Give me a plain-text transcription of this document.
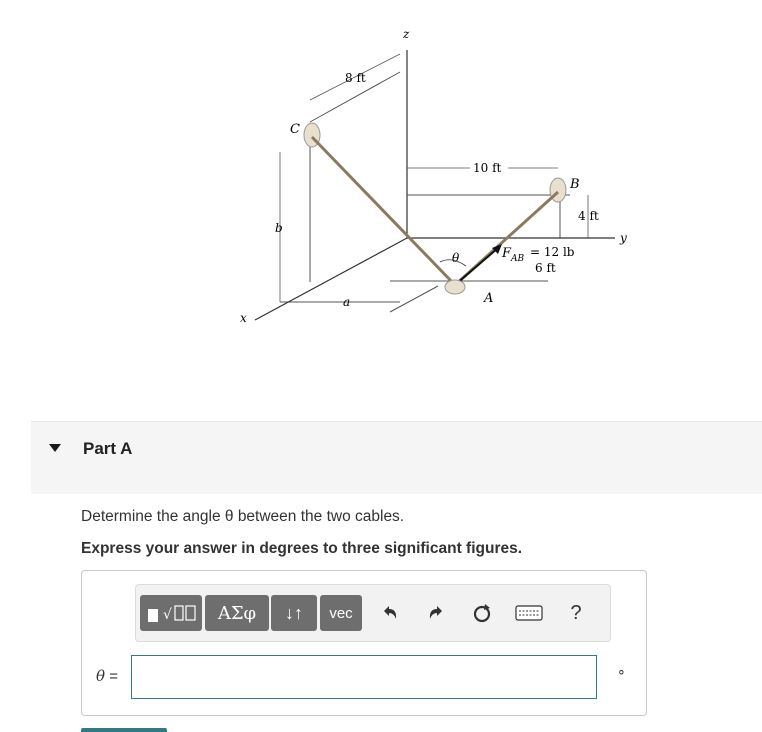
z
8 ft
b
C
10 ft
B
4 ft
y
x
a
θ
A
F AB = 12 lb
6 ft
Part A
Determine the angle θ between the two cables.
Express your answer in degrees to three significant figures.
√	ΑΣφ	↓↑	vec	?
θ =	∘
